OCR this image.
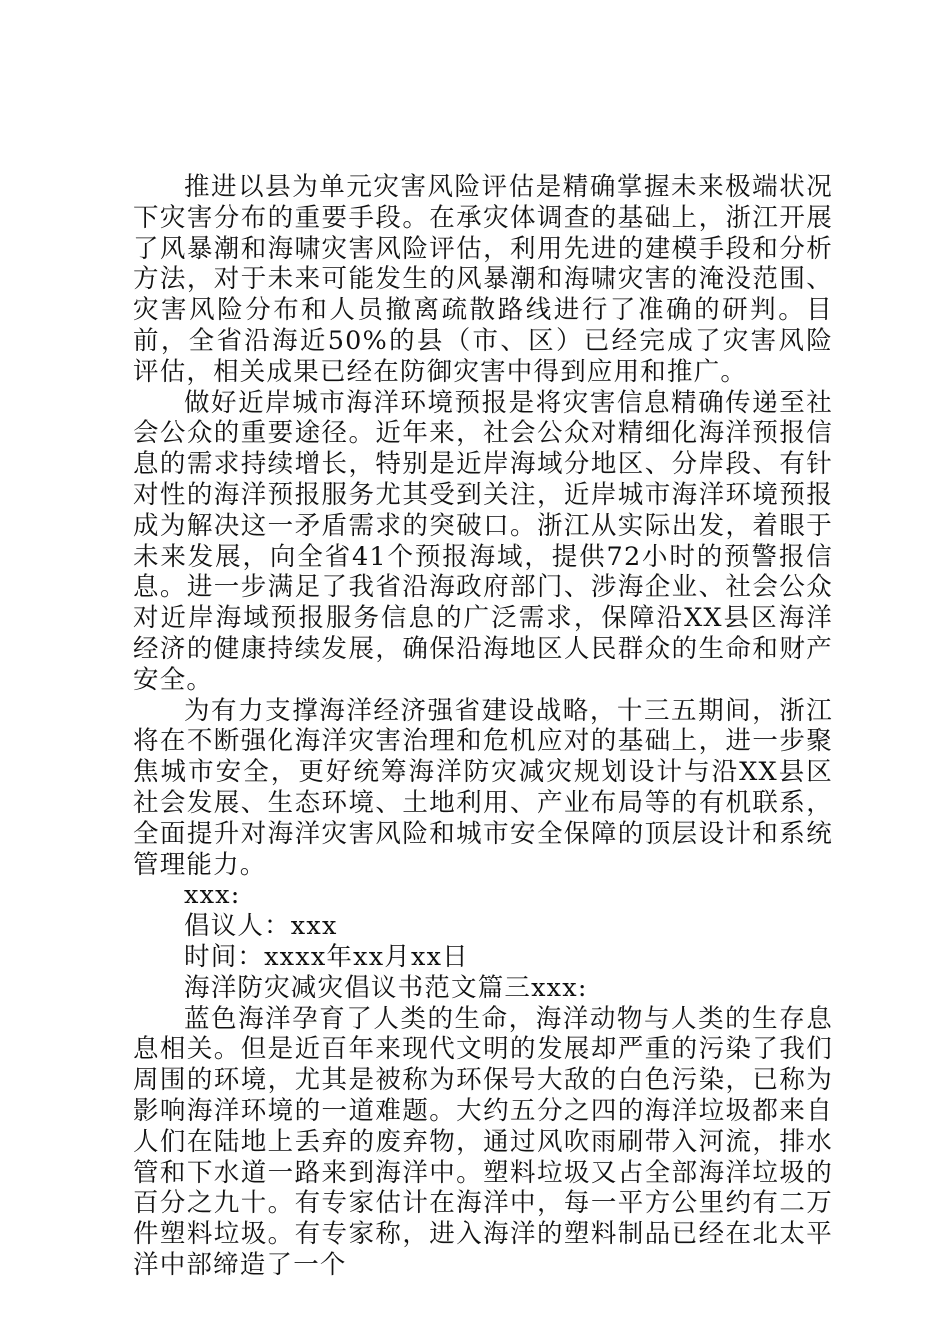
推进以县为单元灾害风险评估是精确掌握未来极端状况下灾害分布的重要手段。在承灾体调查的基础上，浙江开展了风暴潮和海啸灾害风险评估，利用先进的建模手段和分析方法，对于未来可能发生的风暴潮和海啸灾害的淹没范围、灾害风险分布和人员撤离疏散路线进行了准确的研判。目前，全省沿海近50%的县（市、区）已经完成了灾害风险评估，相关成果已经在防御灾害中得到应用和推广。

做好近岸城市海洋环境预报是将灾害信息精确传递至社会公众的重要途径。近年来，社会公众对精细化海洋预报信息的需求持续增长，特别是近岸海域分地区、分岸段、有针对性的海洋预报服务尤其受到关注，近岸城市海洋环境预报成为解决这一矛盾需求的突破口。浙江从实际出发，着眼于未来发展，向全省41个预报海域，提供72小时的预警报信息。进一步满足了我省沿海政府部门、涉海企业、社会公众对近岸海域预报服务信息的广泛需求，保障沿XX县区海洋经济的健康持续发展，确保沿海地区人民群众的生命和财产安全。

为有力支撑海洋经济强省建设战略，十三五期间，浙江将在不断强化海洋灾害治理和危机应对的基础上，进一步聚焦城市安全，更好统筹海洋防灾减灾规划设计与沿XX县区社会发展、生态环境、土地利用、产业布局等的有机联系，全面提升对海洋灾害风险和城市安全保障的顶层设计和系统管理能力。

xxx:

倡议人：xxx

时间：xxxx年xx月xx日

海洋防灾减灾倡议书范文篇三xxx:

蓝色海洋孕育了人类的生命，海洋动物与人类的生存息息相关。但是近百年来现代文明的发展却严重的污染了我们周围的环境，尤其是被称为环保号大敌的白色污染，已称为影响海洋环境的一道难题。大约五分之四的海洋垃圾都来自人们在陆地上丢弃的废弃物，通过风吹雨刷带入河流，排水管和下水道一路来到海洋中。塑料垃圾又占全部海洋垃圾的百分之九十。有专家估计在海洋中，每一平方公里约有二万件塑料垃圾。有专家称，进入海洋的塑料制品已经在北太平洋中部缔造了一个
